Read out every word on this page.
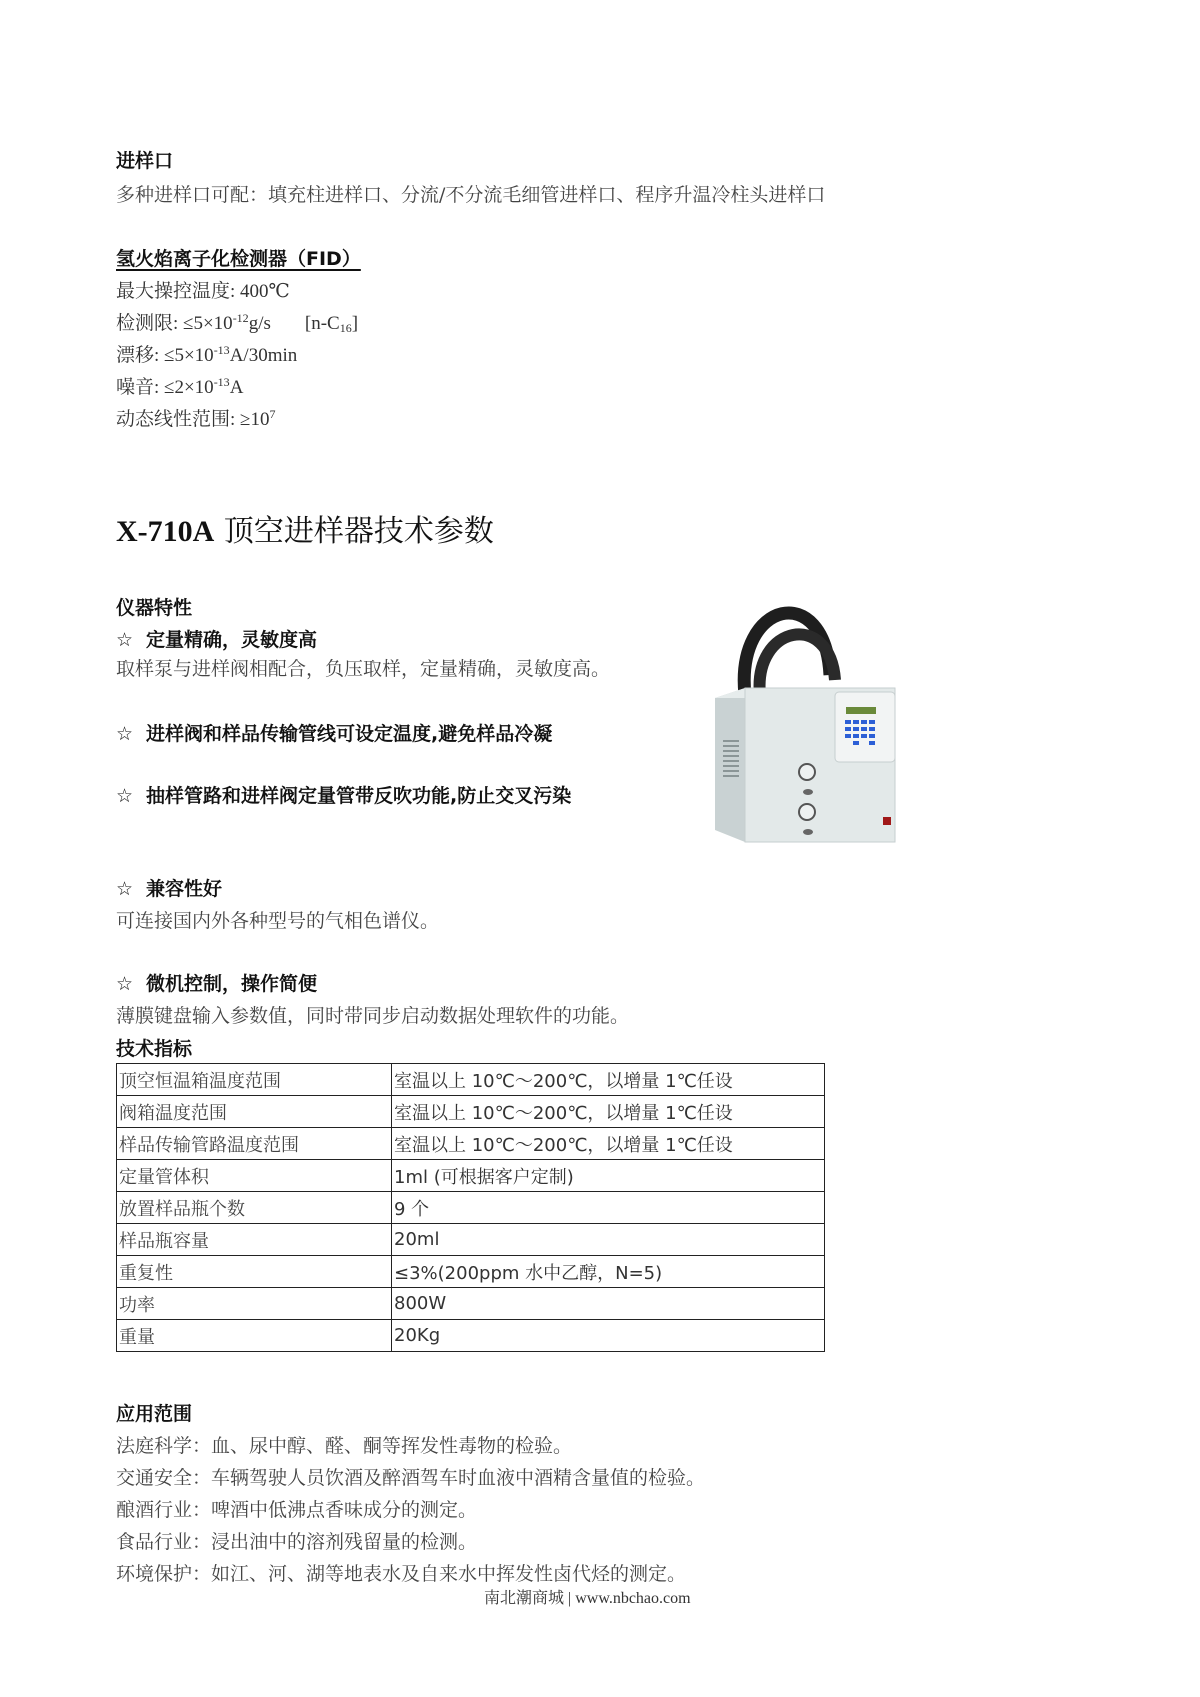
进样口
多种进样口可配：填充柱进样口、分流/不分流毛细管进样口、程序升温冷柱头进样口
氢火焰离子化检测器（FID）
最大操控温度: 400℃
检测限: $\le 5\times 10^{-12}g/s$ $[n-C_{16}]$
漂移: $\le 5\times 10^{-13}A/30\min$
噪音: $\le 2\times 10^{-13}A$
动态线性范围: $\ge 10^7$
X-710A 顶空进样器技术参数
仪器特性
☆ 定量精确，灵敏度高
取样泵与进样阀相配合，负压取样，定量精确，灵敏度高。
☆ 进样阀和样品传输管线可设定温度,避免样品冷凝
☆ 抽样管路和进样阀定量管带反吹功能,防止交叉污染
☆ 兼容性好
可连接国内外各种型号的气相色谱仪。
☆ 微机控制，操作简便
薄膜键盘输入参数值，同时带同步启动数据处理软件的功能。
技术指标
顶空恒温箱温度范围	室温以上 10℃～200℃，以增量 1℃任设
阀箱温度范围	室温以上 10℃～200℃，以增量 1℃任设
样品传输管路温度范围	室温以上 10℃～200℃，以增量 1℃任设
定量管体积	1ml (可根据客户定制)
放置样品瓶个数	9 个
样品瓶容量	20ml
重复性	≤3%(200ppm 水中乙醇，N=5)
功率	800W
重量	20Kg
应用范围
法庭科学：血、尿中醇、醛、酮等挥发性毒物的检验。
交通安全：车辆驾驶人员饮酒及醉酒驾车时血液中酒精含量值的检验。
酿酒行业：啤酒中低沸点香味成分的测定。
食品行业：浸出油中的溶剂残留量的检测。
环境保护：如江、河、湖等地表水及自来水中挥发性卤代烃的测定。
南北潮商城 | www.nbchao.com
